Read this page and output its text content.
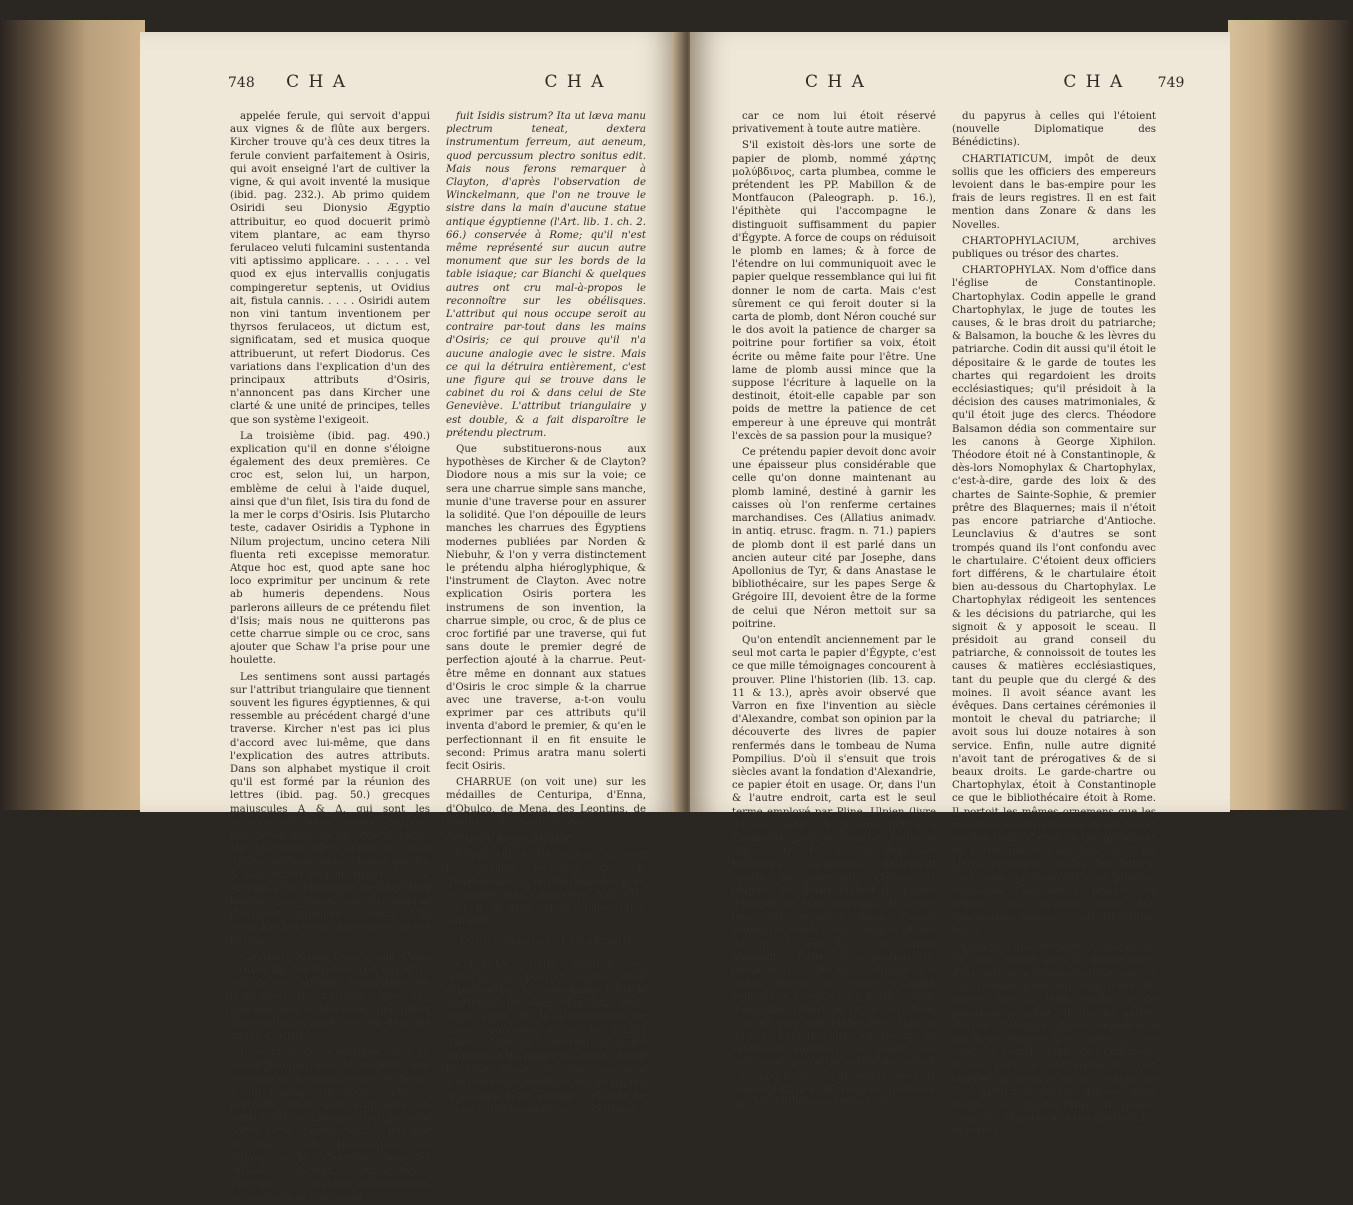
748 C H A	C H A

appelée ferule, qui servoit d'appui aux vignes & de flûte aux bergers. Kircher trouve qu'à ces deux titres la ferule convient parfaitement à Osiris, qui avoit enseigné l'art de cultiver la vigne, & qui avoit inventé la musique (ibid. pag. 232.). Ab primo quidem Osiridi seu Dionysio Ægyptio attribuitur, eo quod docuerit primò vitem plantare, ac eam thyrso ferulaceo veluti fulcamini sustentanda viti aptissimo applicare. . . . . . vel quod ex ejus intervallis conjugatis compingeretur septenis, ut Ovidius ait, fistula cannis. . . . . Osiridi autem non vini tantum inventionem per thyrsos ferulaceos, ut dictum est, significatam, sed et musica quoque attribuerunt, ut refert Diodorus. Ces variations dans l'explication d'un des principaux attributs d'Osiris, n'annoncent pas dans Kircher une clarté & une unité de principes, telles que son système l'exigeoit.

La troisième (ibid. pag. 490.) explication qu'il en donne s'éloigne également des deux premières. Ce croc est, selon lui, un harpon, emblème de celui à l'aide duquel, ainsi que d'un filet, Isis tira du fond de la mer le corps d'Osiris. Isis Plutarcho teste, cadaver Osiridis a Typhone in Nilum projectum, uncino cetera Nili fluenta reti excepisse memoratur. Atque hoc est, quod apte sane hoc loco exprimitur per uncinum & rete ab humeris dependens. Nous parlerons ailleurs de ce prétendu filet d'Isis; mais nous ne quitterons pas cette charrue simple ou ce croc, sans ajouter que Schaw l'a prise pour une houlette.

Les sentimens sont aussi partagés sur l'attribut triangulaire que tiennent souvent les figures égyptiennes, & qui ressemble au précédent chargé d'une traverse. Kircher n'est pas ici plus d'accord avec lui-même, que dans l'explication des autres attributs. Dans son alphabet mystique il croit qu'il est formé par la réunion des lettres (ibid. pag. 50.) grecques majuscules A & Δ, qui sont les initiales des mots Ἀγαθὸς Δαίμων, bon génie, surnom du serpent sacré. Hic character idem significat, quod Ἀγαθὸς Δαίμων, id est, bonus genius; & componitur ex binis litteris A & Δ. Ailleurs c'est l'emblème de l'alphabet littéral, par lequel on en désigne l'invention attribuée à Osiris. L'A, selon Kircher, étoit la première de ces lettres.

Clayton (Journal from grand Cairo written by the Prefecto of Egypt.) a fait de cet attribut triangulaire un instrument de musique, que l'on touchoit avec le plectrum, ou crochet placé ordinairement avec lui dans les mains d'Osiris.

L'invention de la musique, dont on faisoit honneur à ce héros déifié, une ressemblance éloignée avec le fistre, & un passage de Spon relatif au prétendu fouet qu'il croit être un instrument de musique, ont pu faire naître cette opinion. Voici le passage de Spon. (18e Dissertation, ou réponse à M. Chatillon dans les Miscell. Erudit. Antiquitatis.) Flagrum. . . . . nisi hoc instrumentum musicum dicas cujusmodi

fuit Isidis sistrum? Ita ut læva manu plectrum teneat, dextera instrumentum ferreum, aut aeneum, quod percussum plectro sonitus edit. Mais nous ferons remarquer à Clayton, d'après l'observation de Winckelmann, que l'on ne trouve le sistre dans la main d'aucune statue antique égyptienne (l'Art. lib. 1. ch. 2. 66.) conservée à Rome; qu'il n'est même représenté sur aucun autre monument que sur les bords de la table isiaque; car Bianchi & quelques autres ont cru mal-à-propos le reconnoître sur les obélisques. L'attribut qui nous occupe seroit au contraire par-tout dans les mains d'Osiris; ce qui prouve qu'il n'a aucune analogie avec le sistre. Mais ce qui la détruira entièrement, c'est une figure qui se trouve dans le cabinet du roi & dans celui de Ste Geneviève. L'attribut triangulaire y est double, & a fait disparoître le prétendu plectrum.

Que substituerons-nous aux hypothèses de Kircher & de Clayton? Diodore nous a mis sur la voie; ce sera une charrue simple sans manche, munie d'une traverse pour en assurer la solidité. Que l'on dépouille de leurs manches les charrues des Égyptiens modernes publiées par Norden & Niebuhr, & l'on y verra distinctement le prétendu alpha hiéroglyphique, & l'instrument de Clayton. Avec notre explication Osiris portera les instrumens de son invention, la charrue simple, ou croc, & de plus ce croc fortifié par une traverse, qui fut sans doute le premier degré de perfection ajouté à la charrue. Peut-être même en donnant aux statues d'Osiris le croc simple & la charrue avec une traverse, a-t-on voulu exprimer par ces attributs qu'il inventa d'abord le premier, & qu'en le perfectionnant il en fit ensuite le second: Primus aratra manu solerti fecit Osiris.

CHARRUE (on voit une) sur les médailles de Centuripa, d'Enna, d'Obulco, de Mena, des Leontins, de Panorme, des Siciliens, &c.

CHARTA. Voyez PAPIER.

CHARTARIUS. Cet officier exerçoit les mêmes fonctions que le Chartophylax & le Chartularius. Il en est parlé dans Cassiodore (Var. VIII. 23.); & on lisoit à Rome l'inscription suivante:

LOCUS VALERIANI CHARTARII

CHARTES. Toute matière sur laquelle on pouvoit écrire, étoit exprimée par le mot charta. C'est le sentiment de dom Mabillon. De-là vient, selon lui, la dénomination de charte, commune à tous les genres d'actes. Mais ne l'auroit-on pas plutôt empruntée du papier d'Égypte? Avant le VIIIe siècle, on avoit coutume d'expédier les diplômes sur ce papier, & jusqu'à cette époque c'étoit-là ce qu'on appeloit charta par excellence;

C H A	C H A 749

car ce nom lui étoit réservé privativement à toute autre matière.

S'il existoit dès-lors une sorte de papier de plomb, nommé χάρτης μολύβδινος, carta plumbea, comme le prétendent les PP. Mabillon & de Montfaucon (Paleograph. p. 16.), l'épithète qui l'accompagne le distinguoit suffisamment du papier d'Égypte. A force de coups on réduisoit le plomb en lames; & à force de l'étendre on lui communiquoit avec le papier quelque ressemblance qui lui fit donner le nom de carta. Mais c'est sûrement ce qui feroit douter si la carta de plomb, dont Néron couché sur le dos avoit la patience de charger sa poitrine pour fortifier sa voix, étoit écrite ou même faite pour l'être. Une lame de plomb aussi mince que la suppose l'écriture à laquelle on la destinoit, étoit-elle capable par son poids de mettre la patience de cet empereur à une épreuve qui montrât l'excès de sa passion pour la musique?

Ce prétendu papier devoit donc avoir une épaisseur plus considérable que celle qu'on donne maintenant au plomb laminé, destiné à garnir les caisses où l'on renferme certaines marchandises. Ces (Allatius animadv. in antiq. etrusc. fragm. n. 71.) papiers de plomb dont il est parlé dans un ancien auteur cité par Josephe, dans Apollonius de Tyr, & dans Anastase le bibliothécaire, sur les papes Serge & Grégoire III, devoient être de la forme de celui que Néron mettoit sur sa poitrine.

Qu'on entendît anciennement par le seul mot carta le papier d'Égypte, c'est ce que mille témoignages concourent à prouver. Pline l'historien (lib. 13. cap. 11 & 13.), après avoir observé que Varron en fixe l'invention au siècle d'Alexandre, combat son opinion par la découverte des livres de papier renfermés dans le tombeau de Numa Pompilius. D'où il s'ensuit que trois siècles avant la fondation d'Alexandrie, ce papier étoit en usage. Or, dans l'un & l'autre endroit, carta est le seul terme employé par Pline. Ulpien (livre 39 sur l'édit), S. Jérôme (lettre à Cromace), Jovin & Eusèbe, Justinien (lib. 2. tit. 10. §. 12.) dans ses Institutes, distinguent nettement charta du parchemin. Comme la plupart des livres étoient de papier d'Égypte, le nom générique de cartes leur fut appliqué dans l'usage ordinaire: in usu plerique libros (ff. lib. 32. tit. 3. leg. 52. §. 4.) cartas appellant. Cette dénomination ne passa sans doute au parchemin que quand l'usage du papier d'Égypte commença à tomber. Le texte allégué d'Anastase (Anast. in vit. S. Sylv. tom. 1. p. 43. nov. edit. Maffei Istor. Dipl. p. 60.) le bibliothécaire, en faveur du sentiment contraire, ne paroît pas concluant, parce qu'au-lieu de mettre en opposition le parchemin avec le papier d'Égypte, il n'oppose peut-être que les feuilles non travaillées

du papyrus à celles qui l'étoient (nouvelle Diplomatique des Bénédictins).

CHARTIATICUM, impôt de deux sollis que les officiers des empereurs levoient dans le bas-empire pour les frais de leurs registres. Il en est fait mention dans Zonare & dans les Novelles.

CHARTOPHYLACIUM, archives publiques ou trésor des chartes.

CHARTOPHYLAX. Nom d'office dans l'église de Constantinople. Chartophylax. Codin appelle le grand Chartophylax, le juge de toutes les causes, & le bras droit du patriarche; & Balsamon, la bouche & les lèvres du patriarche. Codin dit aussi qu'il étoit le dépositaire & le garde de toutes les chartes qui regardoient les droits ecclésiastiques; qu'il présidoit à la décision des causes matrimoniales, & qu'il étoit juge des clercs. Théodore Balsamon dédia son commentaire sur les canons à George Xiphilon. Théodore étoit né à Constantinople, & dès-lors Nomophylax & Chartophylax, c'est-à-dire, garde des loix & des chartes de Sainte-Sophie, & premier prêtre des Blaquernes; mais il n'étoit pas encore patriarche d'Antioche. Leunclavius & d'autres se sont trompés quand ils l'ont confondu avec le chartulaire. C'étoient deux officiers fort différens, & le chartulaire étoit bien au-dessous du Chartophylax. Le Chartophylax rédigeoit les sentences & les décisions du patriarche, qui les signoit & y apposoit le sceau. Il présidoit au grand conseil du patriarche, & connoissoit de toutes les causes & matières ecclésiastiques, tant du peuple que du clergé & des moines. Il avoit séance avant les évêques. Dans certaines cérémonies il montoit le cheval du patriarche; il avoit sous lui douze notaires à son service. Enfin, nulle autre dignité n'avoit tant de prérogatives & de si beaux droits. Le garde-chartre ou Chartophylax, étoit à Constantinople ce que le bibliothécaire étoit à Rome. Il portoit les mêmes ornemens que les ministres ecclésiastiques, & en faisoit les fonctions. C'étoit lui qui présentoit au patriarche tous les évêques & les clercs étrangers, toutes les lettres, tous ceux qui devoient être pourvus d'évêchés, d'abbayes, ou promus aux ordres: tous devoient avoir son approbation (Anastasi. ad VIII Synod. act. 2.).

Quelques-uns écrivent Cartophylax. Ce mot, moitié latin & moitié grec, s'est formé à Constantinople depuis que l'empire y eut été transporté, de χάρτα, fait du latin charta, & de φύλακος, je garde. Il signifie garde-chartre. C'étoit un officier préposé à la garde des chartes & des actes. Il y en avoit un pour le palais de l'empereur, & un pour le patriarche & pour l'église, qui avoient encore chacun un nom particulier, comme il paroît dans Codin. Le Chartophylax du palais s'appeloit registrator, celui qui tient les registres;
